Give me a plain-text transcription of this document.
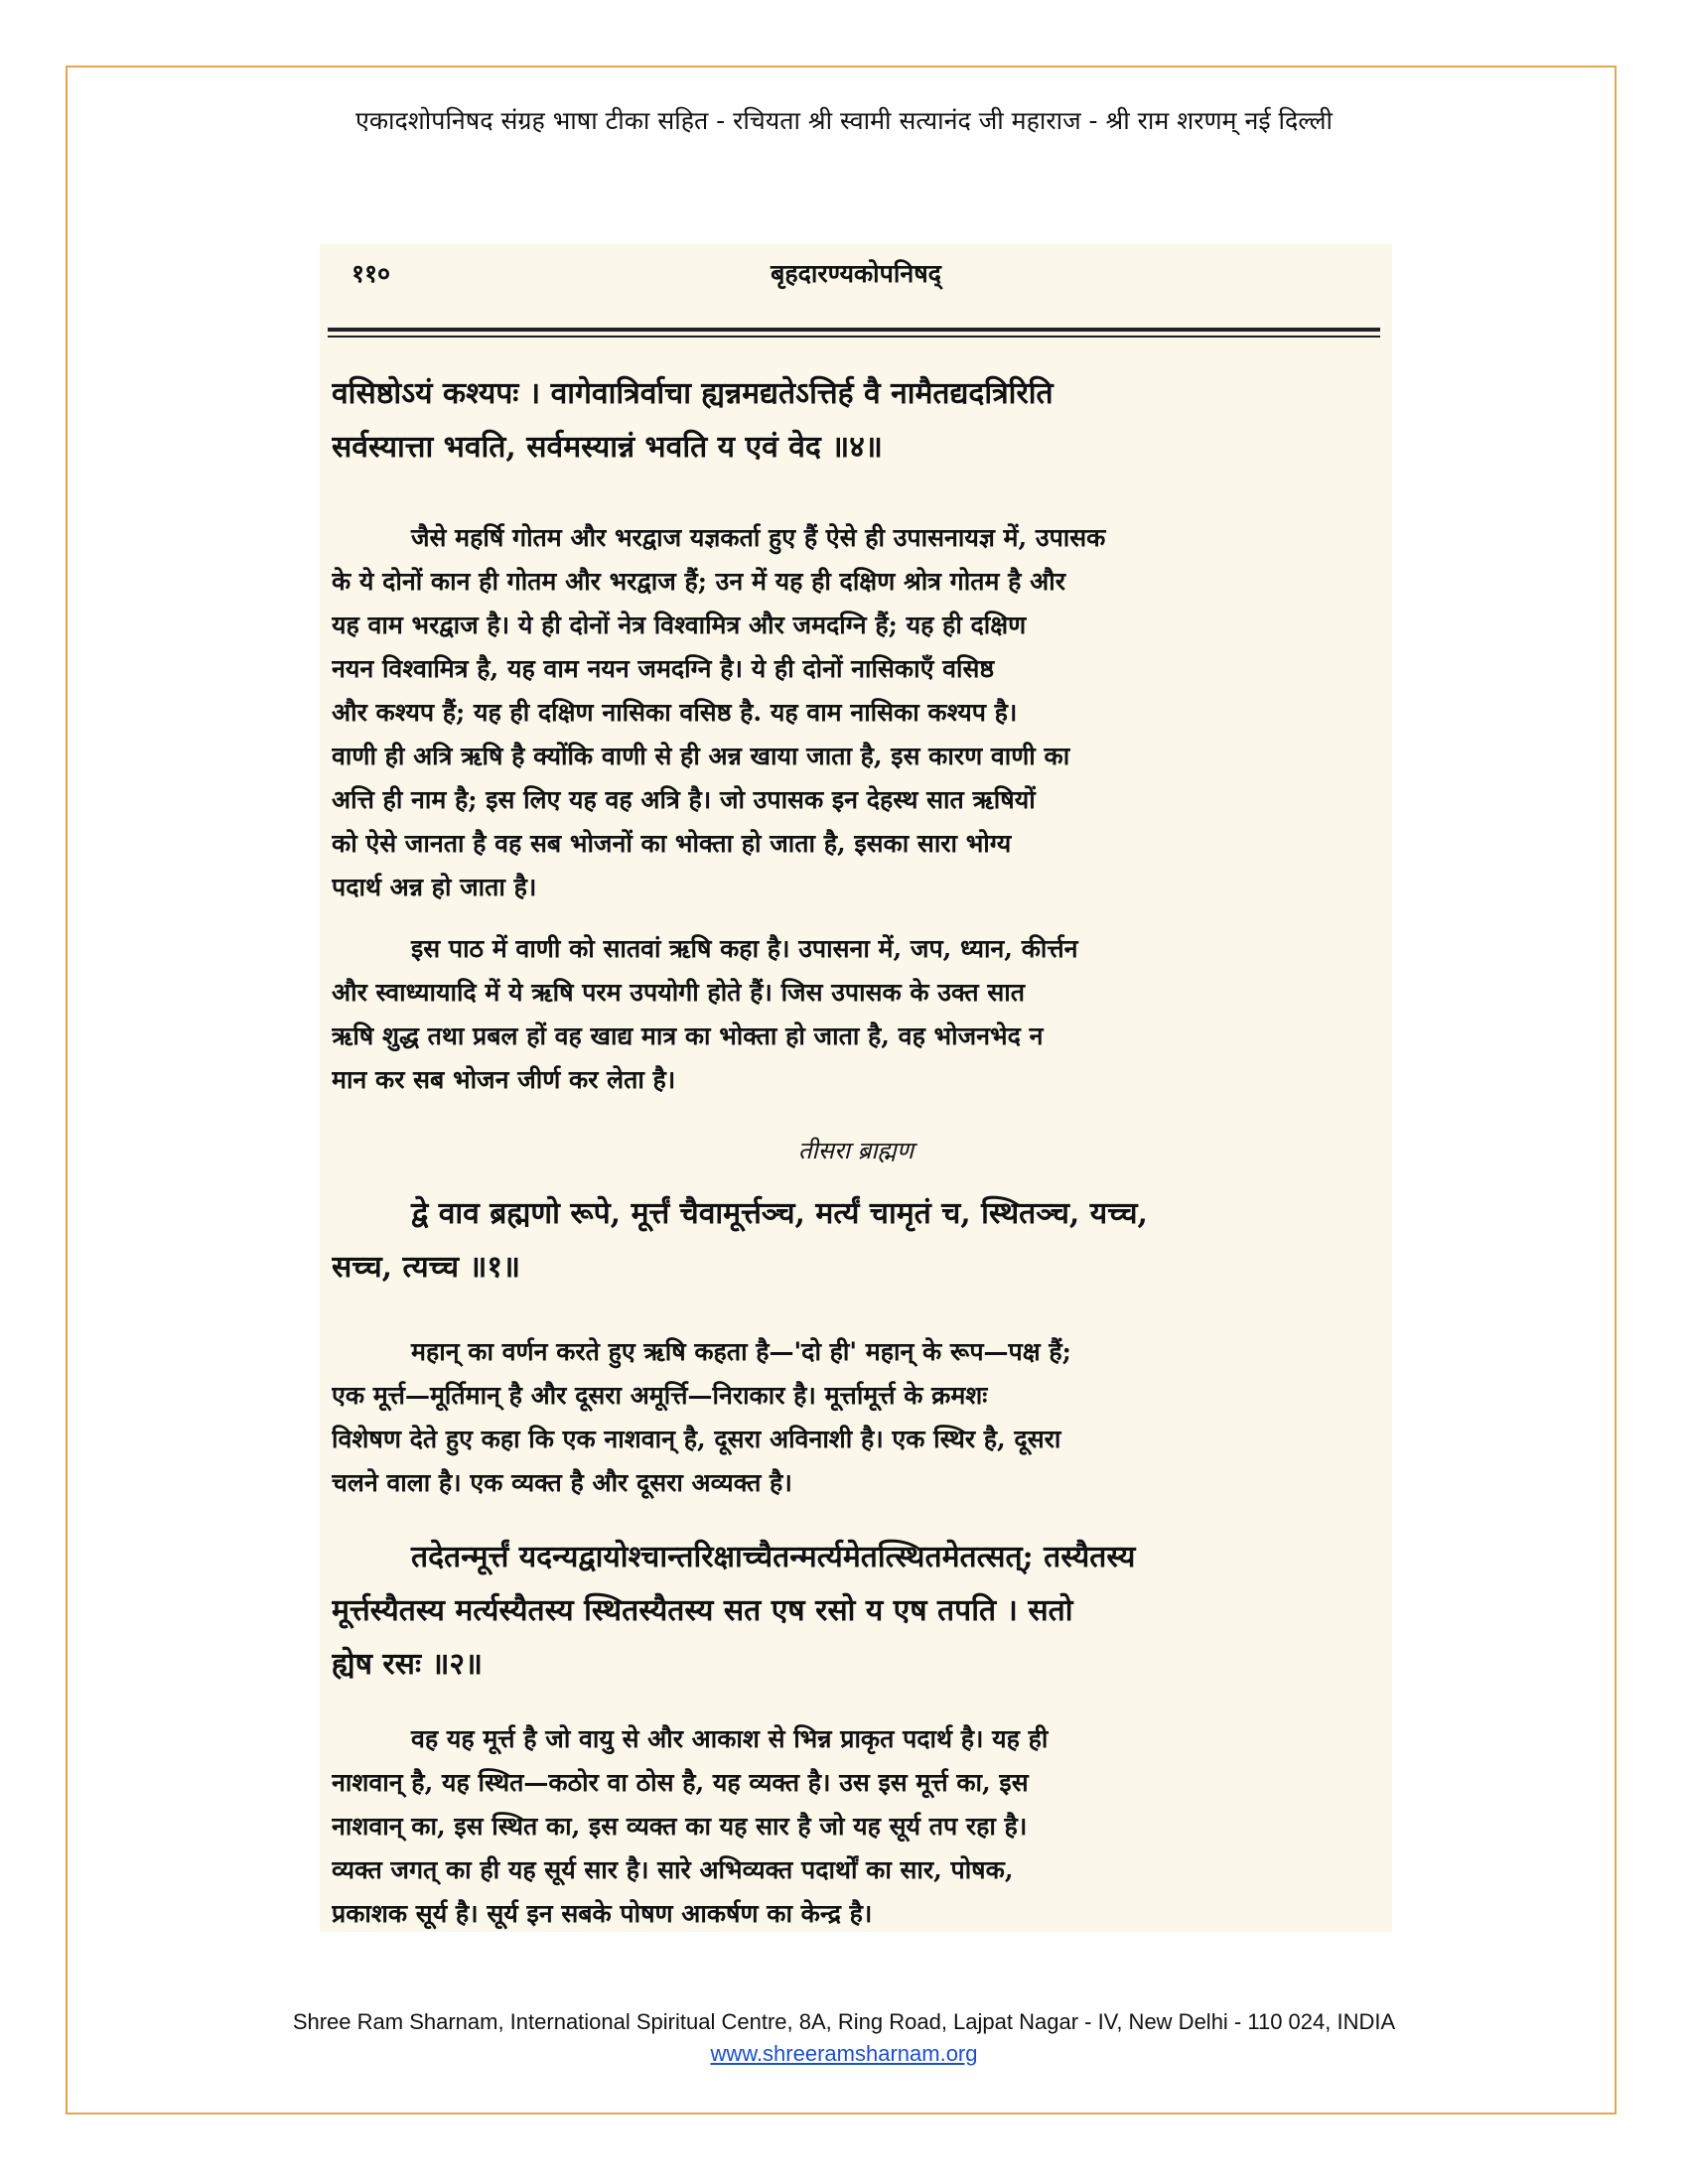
एकादशोपनिषद संग्रह भाषा टीका सहित - रचियता श्री स्वामी सत्यानंद जी महाराज - श्री राम शरणम् नई दिल्ली
११०	बृहदारण्यकोपनिषद्
वसिष्ठोऽयं कश्यपः । वागेवात्रिर्वाचा ह्यन्नमद्यतेऽत्तिर्ह वै नामैतद्यदत्रिरिति
सर्वस्यात्ता भवति, सर्वमस्यान्नं भवति य एवं वेद ॥४॥
जैसे महर्षि गोतम और भरद्वाज यज्ञकर्ता हुए हैं ऐसे ही उपासनायज्ञ में, उपासक
के ये दोनों कान ही गोतम और भरद्वाज हैं; उन में यह ही दक्षिण श्रोत्र गोतम है और
यह वाम भरद्वाज है। ये ही दोनों नेत्र विश्वामित्र और जमदग्नि हैं; यह ही दक्षिण
नयन विश्वामित्र है, यह वाम नयन जमदग्नि है। ये ही दोनों नासिकाएँ वसिष्ठ
और कश्यप हैं; यह ही दक्षिण नासिका वसिष्ठ है. यह वाम नासिका कश्यप है।
वाणी ही अत्रि ऋषि है क्योंकि वाणी से ही अन्न खाया जाता है, इस कारण वाणी का
अत्ति ही नाम है; इस लिए यह वह अत्रि है। जो उपासक इन देहस्थ सात ऋषियों
को ऐसे जानता है वह सब भोजनों का भोक्ता हो जाता है, इसका सारा भोग्य
पदार्थ अन्न हो जाता है।
इस पाठ में वाणी को सातवां ऋषि कहा है। उपासना में, जप, ध्यान, कीर्त्तन
और स्वाध्यायादि में ये ऋषि परम उपयोगी होते हैं। जिस उपासक के उक्त सात
ऋषि शुद्ध तथा प्रबल हों वह खाद्य मात्र का भोक्ता हो जाता है, वह भोजनभेद न
मान कर सब भोजन जीर्ण कर लेता है।
तीसरा ब्राह्मण
द्वे वाव ब्रह्मणो रूपे, मूर्त्तं चैवामूर्त्तञ्च, मर्त्यं चामृतं च, स्थितञ्च, यच्च,
सच्च, त्यच्च ॥१॥
महान् का वर्णन करते हुए ऋषि कहता है—'दो ही' महान् के रूप—पक्ष हैं;
एक मूर्त्त—मूर्तिमान् है और दूसरा अमूर्त्ति—निराकार है। मूर्त्तामूर्त्त के क्रमशः
विशेषण देते हुए कहा कि एक नाशवान् है, दूसरा अविनाशी है। एक स्थिर है, दूसरा
चलने वाला है। एक व्यक्त है और दूसरा अव्यक्त है।
तदेतन्मूर्त्तं यदन्यद्वायोश्चान्तरिक्षाच्चैतन्मर्त्यमेतत्स्थितमेतत्सत्; तस्यैतस्य
मूर्त्तस्यैतस्य मर्त्यस्यैतस्य स्थितस्यैतस्य सत एष रसो य एष तपति । सतो
ह्येष रसः ॥२॥
वह यह मूर्त्त है जो वायु से और आकाश से भिन्न प्राकृत पदार्थ है। यह ही
नाशवान् है, यह स्थित—कठोर वा ठोस है, यह व्यक्त है। उस इस मूर्त्त का, इस
नाशवान् का, इस स्थित का, इस व्यक्त का यह सार है जो यह सूर्य तप रहा है।
व्यक्त जगत् का ही यह सूर्य सार है। सारे अभिव्यक्त पदार्थों का सार, पोषक,
प्रकाशक सूर्य है। सूर्य इन सबके पोषण आकर्षण का केन्द्र है।
Shree Ram Sharnam, International Spiritual Centre, 8A, Ring Road, Lajpat Nagar - IV, New Delhi - 110 024, INDIA
www.shreeramsharnam.org
